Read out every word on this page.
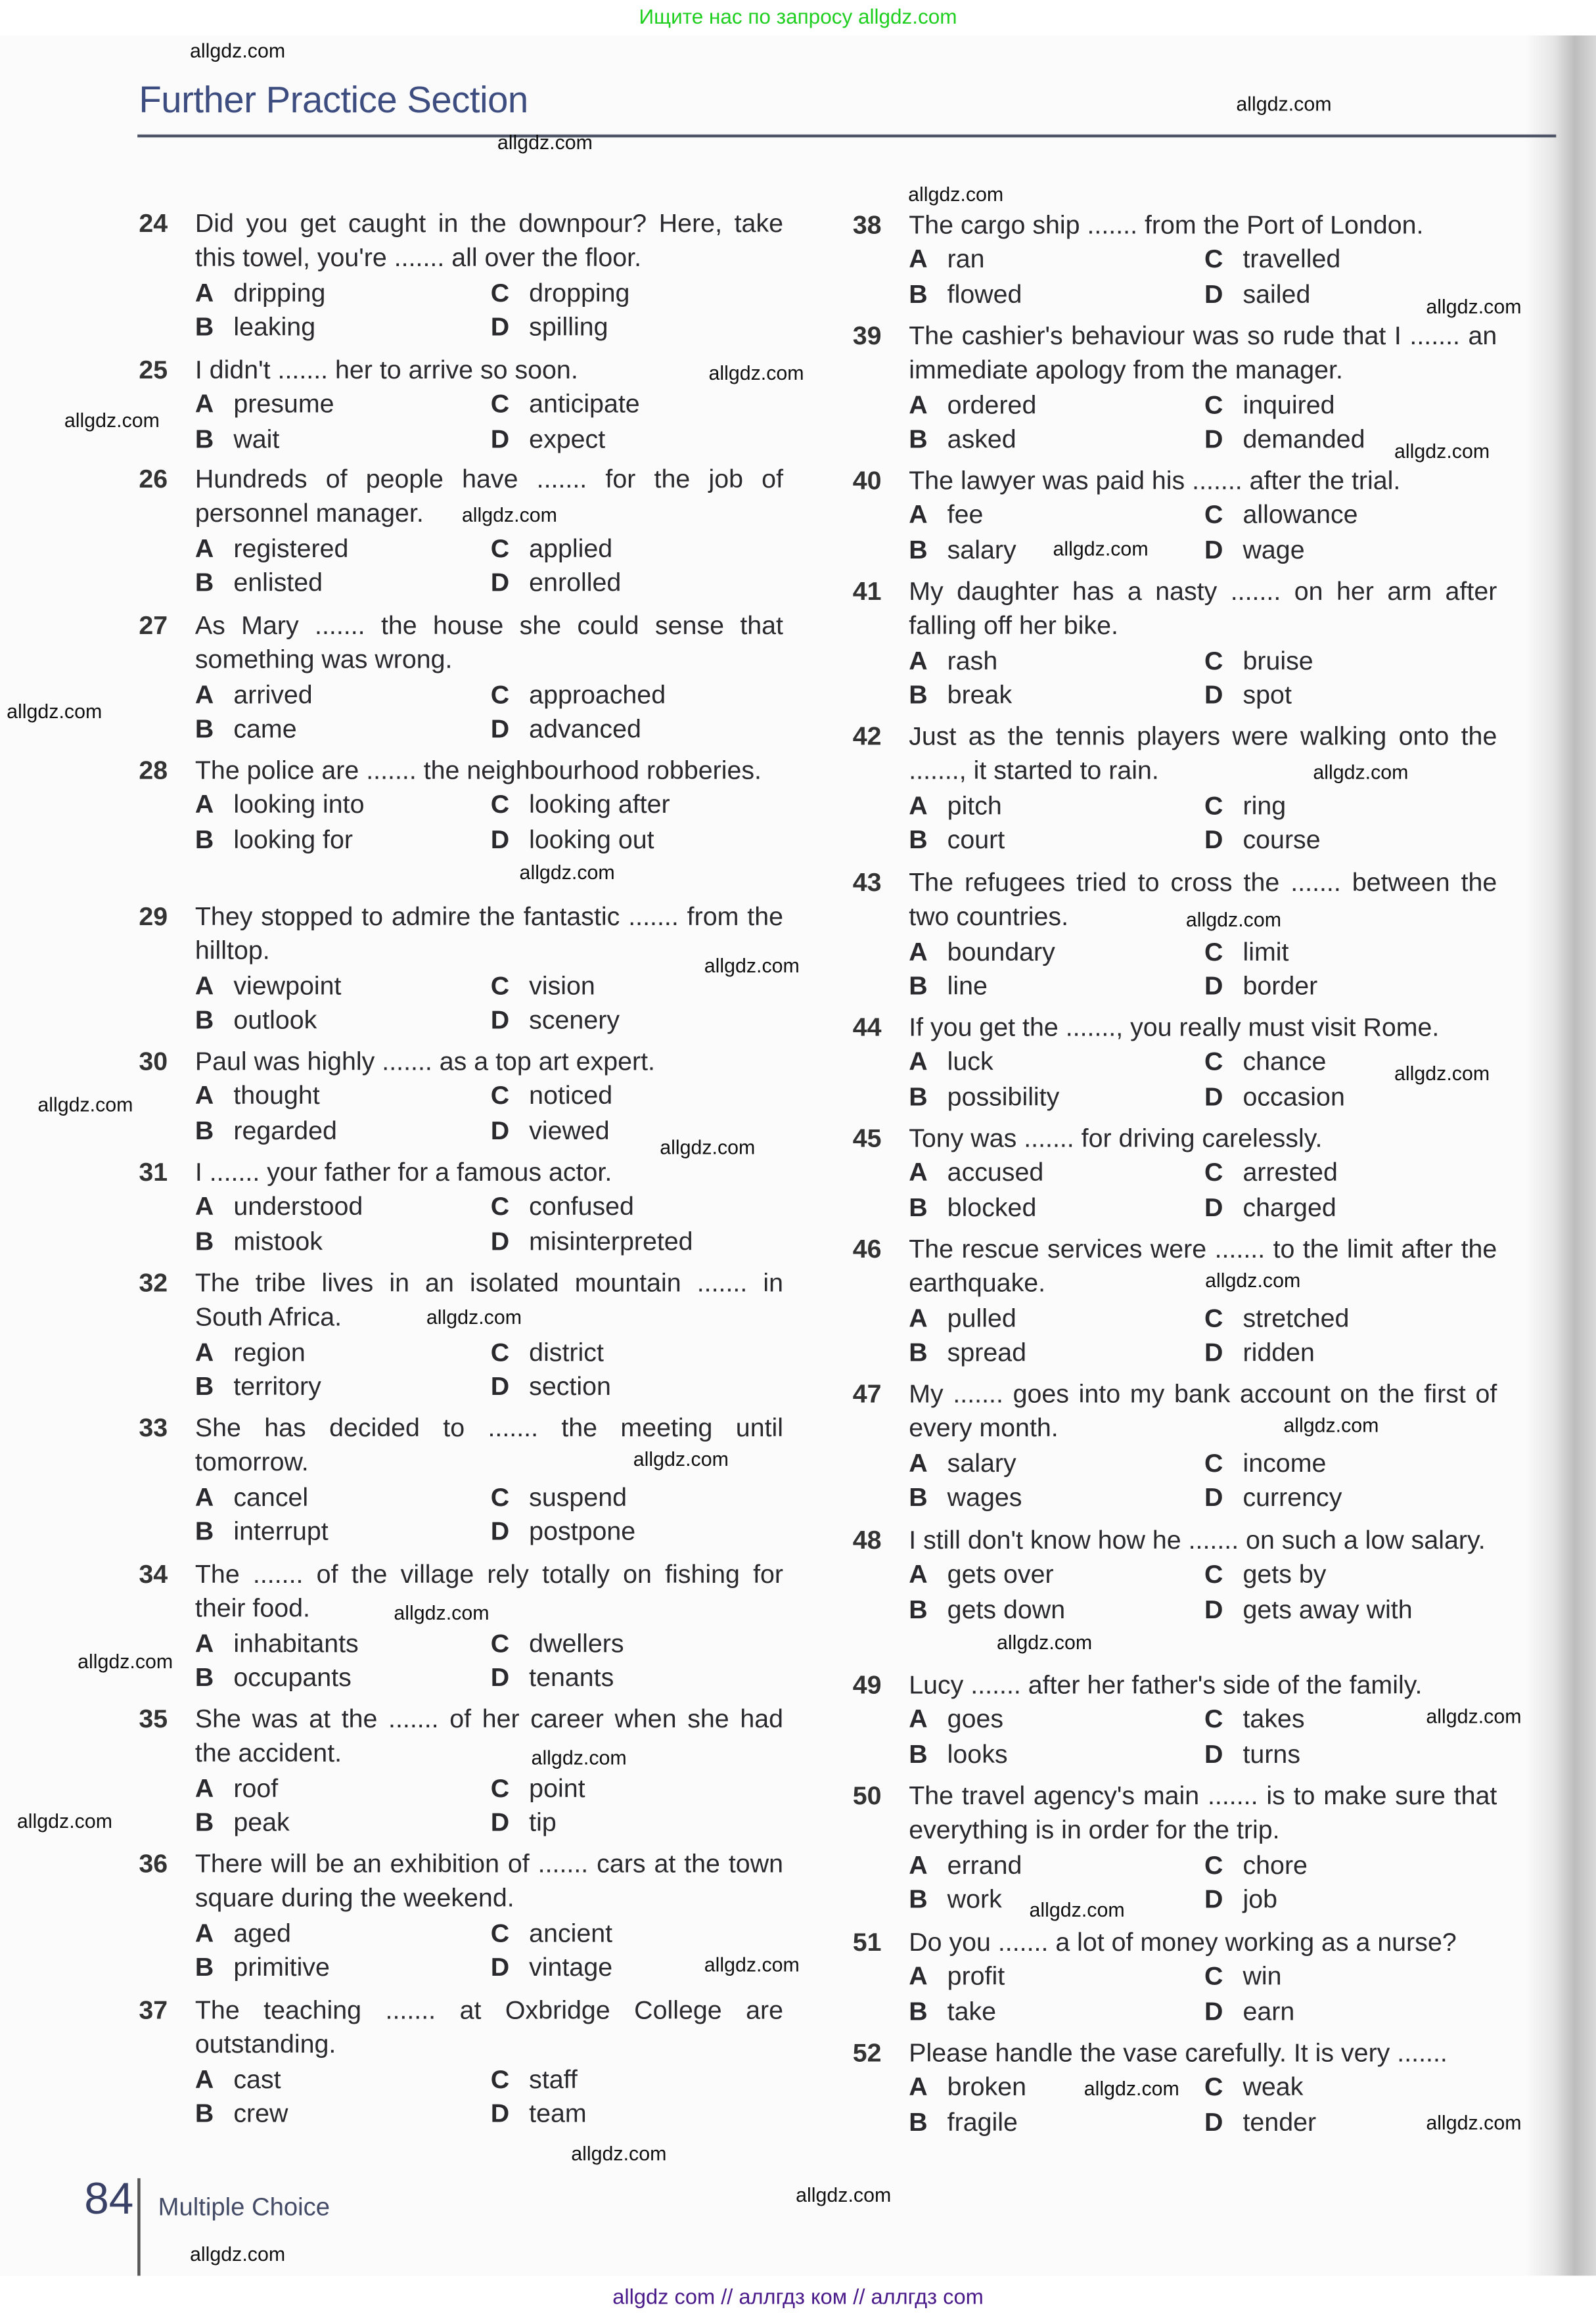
Ищите нас по запросу allgdz.com
Further Practice Section
24 Did you get caught in the downpour? Here, take this towel, you're ....... all over the floor.
A dripping
B leaking
C dropping
D spilling
25 I didn't ....... her to arrive so soon.
A presume
B wait
C anticipate
D expect
26 Hundreds of people have ....... for the job of personnel manager.
A registered
B enlisted
C applied
D enrolled
27 As Mary ....... the house she could sense that something was wrong.
A arrived
B came
C approached
D advanced
28 The police are ....... the neighbourhood robberies.
A looking into
B looking for
C looking after
D looking out
29 They stopped to admire the fantastic ....... from the hilltop.
A viewpoint
B outlook
C vision
D scenery
30 Paul was highly ....... as a top art expert.
A thought
B regarded
C noticed
D viewed
31 I ....... your father for a famous actor.
A understood
B mistook
C confused
D misinterpreted
32 The tribe lives in an isolated mountain ....... in South Africa.
A region
B territory
C district
D section
33 She has decided to ....... the meeting until tomorrow.
A cancel
B interrupt
C suspend
D postpone
34 The ....... of the village rely totally on fishing for their food.
A inhabitants
B occupants
C dwellers
D tenants
35 She was at the ....... of her career when she had the accident.
A roof
B peak
C point
D tip
36 There will be an exhibition of ....... cars at the town square during the weekend.
A aged
B primitive
C ancient
D vintage
37 The teaching ....... at Oxbridge College are outstanding.
A cast
B crew
C staff
D team
38 The cargo ship ....... from the Port of London.
A ran
B flowed
C travelled
D sailed
39 The cashier's behaviour was so rude that I ....... an immediate apology from the manager.
A ordered
B asked
C inquired
D demanded
40 The lawyer was paid his ....... after the trial.
A fee
B salary
C allowance
D wage
41 My daughter has a nasty ....... on her arm after falling off her bike.
A rash
B break
C bruise
D spot
42 Just as the tennis players were walking onto the ......., it started to rain.
A pitch
B court
C ring
D course
43 The refugees tried to cross the ....... between the two countries.
A boundary
B line
C limit
D border
44 If you get the ......., you really must visit Rome.
A luck
B possibility
C chance
D occasion
45 Tony was ....... for driving carelessly.
A accused
B blocked
C arrested
D charged
46 The rescue services were ....... to the limit after the earthquake.
A pulled
B spread
C stretched
D ridden
47 My ....... goes into my bank account on the first of every month.
A salary
B wages
C income
D currency
48 I still don't know how he ....... on such a low salary.
A gets over
B gets down
C gets by
D gets away with
49 Lucy ....... after her father's side of the family.
A goes
B looks
C takes
D turns
50 The travel agency's main ....... is to make sure that everything is in order for the trip.
A errand
B work
C chore
D job
51 Do you ....... a lot of money working as a nurse?
A profit
B take
C win
D earn
52 Please handle the vase carefully. It is very .......
A broken
B fragile
C weak
D tender
84 Multiple Choice
allgdz.com
allgdz.com
allgdz.com
allgdz.com
allgdz.com
allgdz.com
allgdz.com
allgdz.com
allgdz.com
allgdz.com
allgdz.com
allgdz.com
allgdz.com
allgdz.com
allgdz.com
allgdz.com
allgdz.com
allgdz.com
allgdz.com
allgdz.com
allgdz.com
allgdz.com
allgdz.com
allgdz.com
allgdz.com
allgdz.com
allgdz.com
allgdz.com
allgdz.com
allgdz.com
allgdz.com
allgdz.com
allgdz.com
allgdz.com
allgdz.com
allgdz com // аллгдз ком // аллгдз com
